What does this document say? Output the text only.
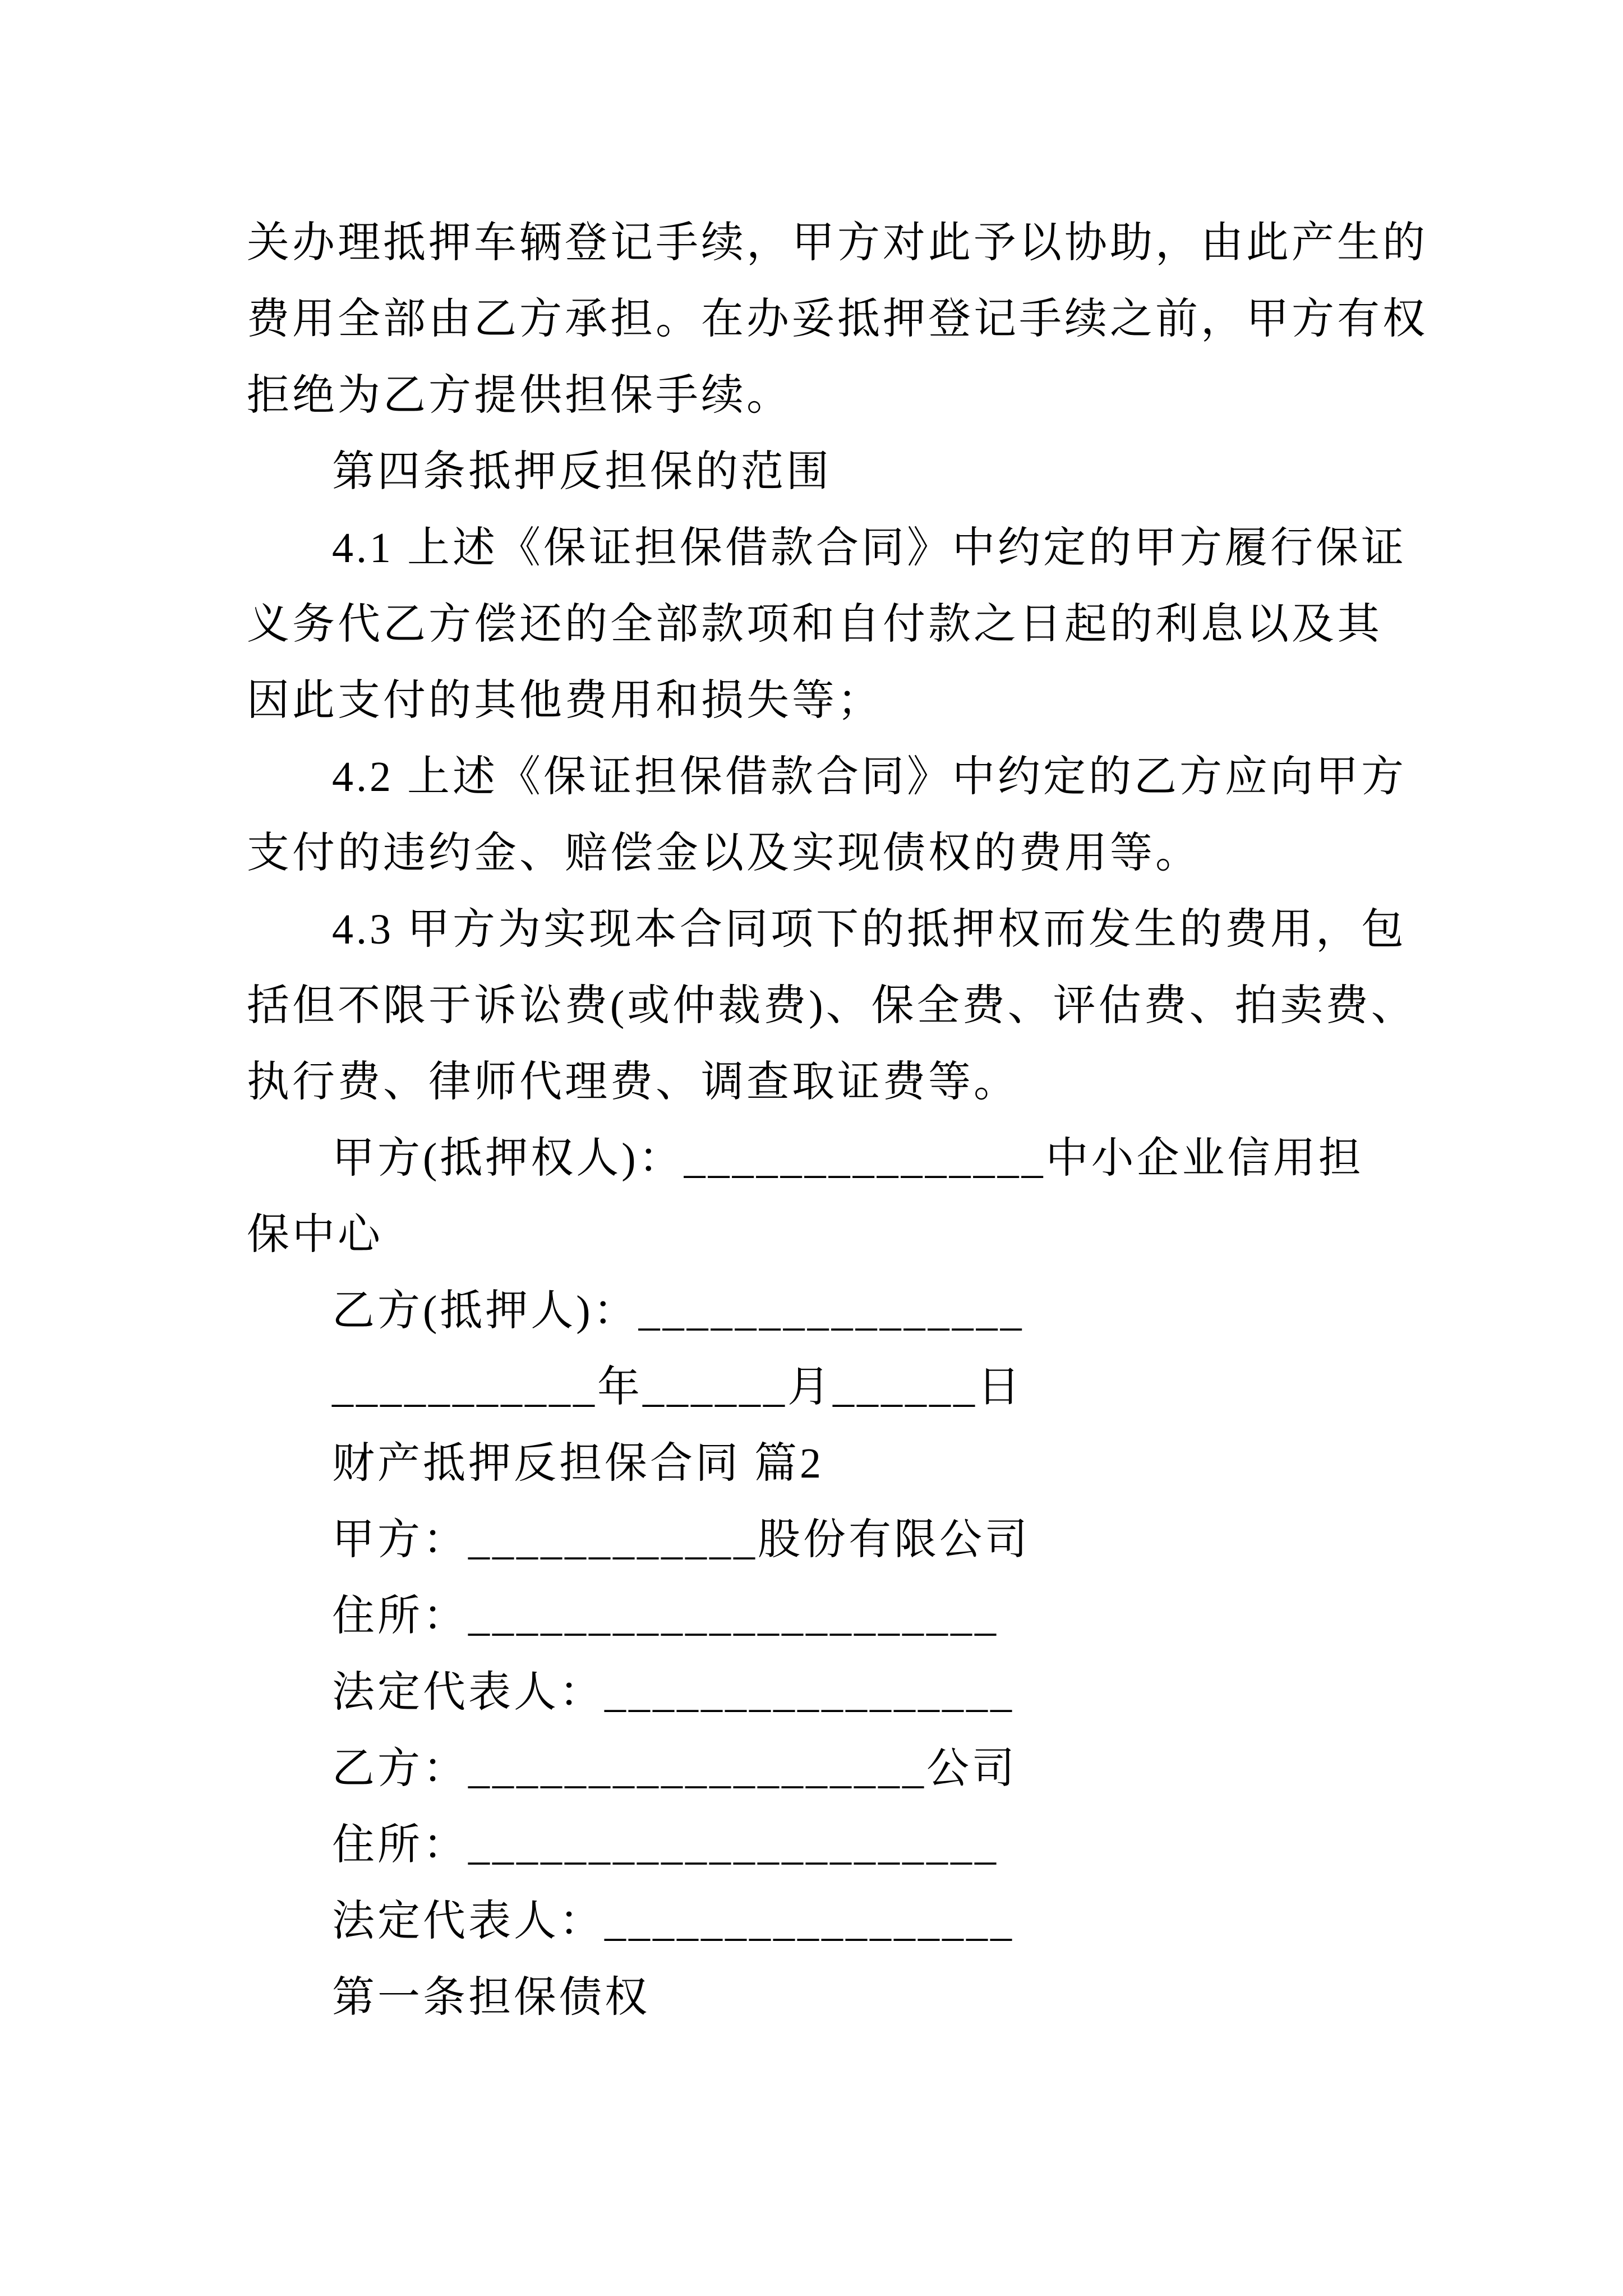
关办理抵押车辆登记手续，甲方对此予以协助，由此产生的

费用全部由乙方承担。在办妥抵押登记手续之前，甲方有权

拒绝为乙方提供担保手续。

第四条抵押反担保的范围

4.1 上述《保证担保借款合同》中约定的甲方履行保证

义务代乙方偿还的全部款项和自付款之日起的利息以及其

因此支付的其他费用和损失等；

4.2 上述《保证担保借款合同》中约定的乙方应向甲方

支付的违约金、赔偿金以及实现债权的费用等。

4.3 甲方为实现本合同项下的抵押权而发生的费用，包

括但不限于诉讼费(或仲裁费)、保全费、评估费、拍卖费、

执行费、律师代理费、调查取证费等。

甲方(抵押权人)：_______________中小企业信用担

保中心

乙方(抵押人)：________________

___________年______月______日

财产抵押反担保合同 篇2

甲方：____________股份有限公司

住所：______________________

法定代表人：_________________

乙方：___________________公司

住所：______________________

法定代表人：_________________

第一条担保债权
